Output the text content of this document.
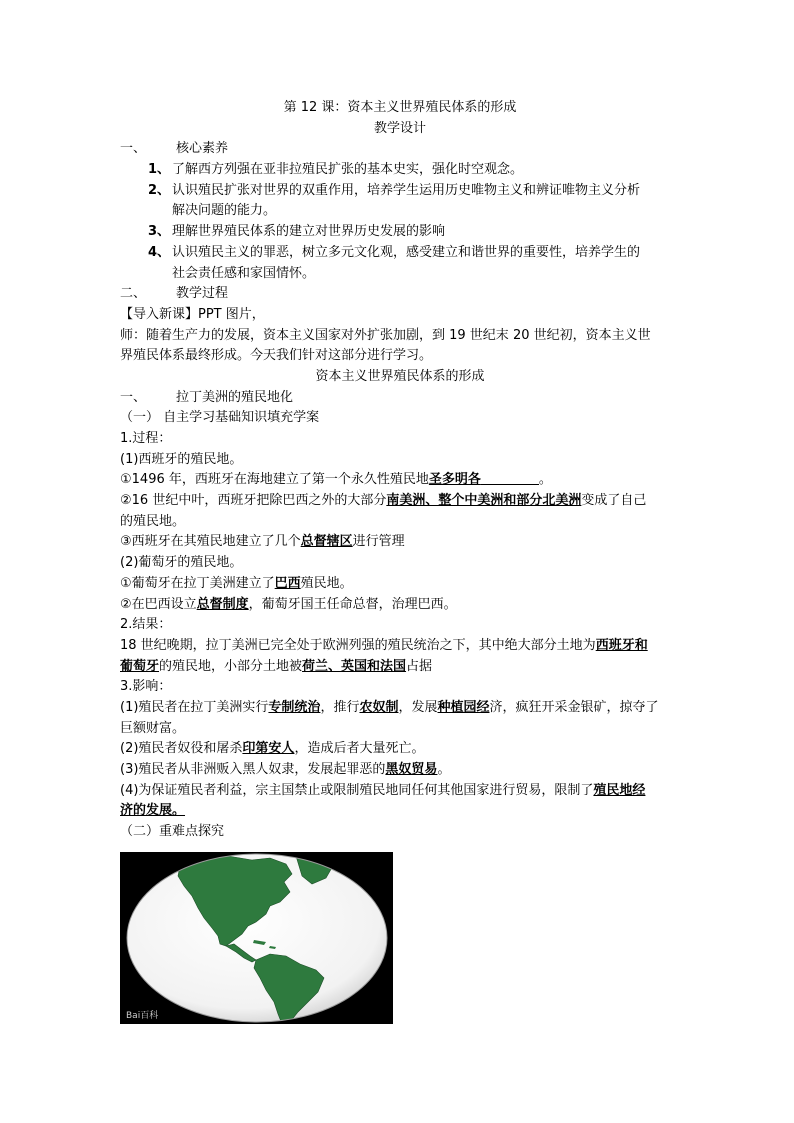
第 12 课：资本主义世界殖民体系的形成
教学设计
一、	核心素养
1、 了解西方列强在亚非拉殖民扩张的基本史实，强化时空观念。
2、 认识殖民扩张对世界的双重作用，培养学生运用历史唯物主义和辨证唯物主义分析
解决问题的能力。
3、 理解世界殖民体系的建立对世界历史发展的影响
4、 认识殖民主义的罪恶，树立多元文化观，感受建立和谐世界的重要性，培养学生的
社会责任感和家国情怀。
二、	教学过程
【导入新课】PPT 图片，
师：随着生产力的发展，资本主义国家对外扩张加剧，到 19 世纪末 20 世纪初，资本主义世
界殖民体系最终形成。今天我们针对这部分进行学习。
资本主义世界殖民体系的形成
一、	拉丁美洲的殖民地化
（一） 自主学习基础知识填充学案
1.过程：
(1)西班牙的殖民地。
①1496 年，西班牙在海地建立了第一个永久性殖民地圣多明各	。
②16 世纪中叶，西班牙把除巴西之外的大部分南美洲、整个中美洲和部分北美洲变成了自己
的殖民地。
③西班牙在其殖民地建立了几个总督辖区进行管理
(2)葡萄牙的殖民地。
①葡萄牙在拉丁美洲建立了巴西殖民地。
②在巴西设立总督制度，葡萄牙国王任命总督，治理巴西。
2.结果：
18 世纪晚期，拉丁美洲已完全处于欧洲列强的殖民统治之下，其中绝大部分土地为西班牙和
葡萄牙的殖民地，小部分土地被荷兰、英国和法国占据
3.影响：
(1)殖民者在拉丁美洲实行专制统治，推行农奴制，发展种植园经济，疯狂开采金银矿，掠夺了
巨额财富。
(2)殖民者奴役和屠杀印第安人，造成后者大量死亡。
(3)殖民者从非洲贩入黑人奴隶，发展起罪恶的黑奴贸易。
(4)为保证殖民者利益，宗主国禁止或限制殖民地同任何其他国家进行贸易，限制了殖民地经
济的发展。
（二）重难点探究
Bai百科
